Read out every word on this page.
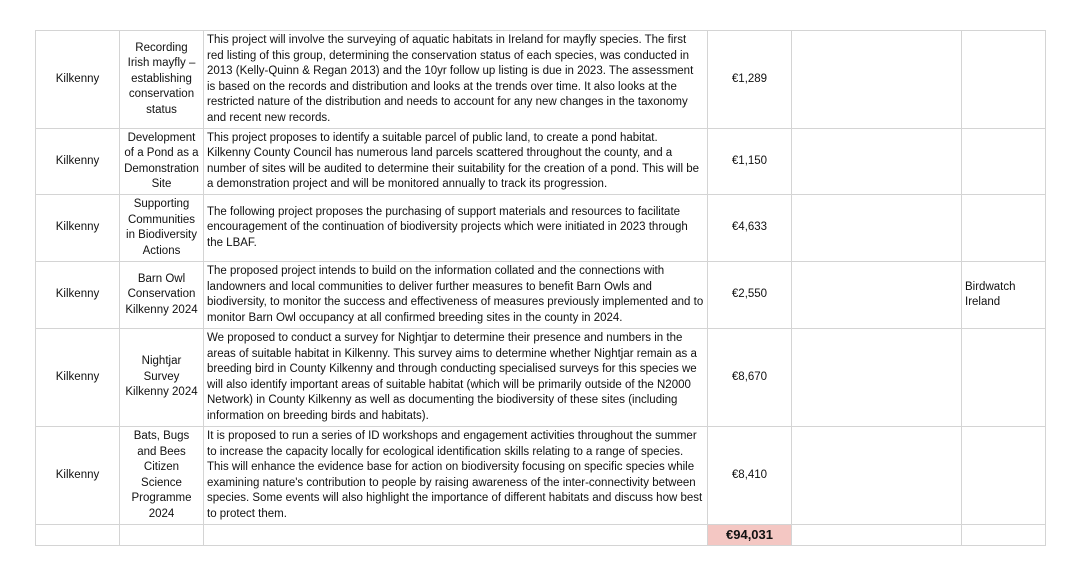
Kilkenny	Recording Irish mayfly – establishing conservation status	This project will involve the surveying of aquatic habitats in Ireland for mayfly species. The first red listing of this group, determining the conservation status of each species, was conducted in 2013 (Kelly-Quinn & Regan 2013) and the 10yr follow up listing is due in 2023. The assessment is based on the records and distribution and looks at the trends over time. It also looks at the restricted nature of the distribution and needs to account for any new changes in the taxonomy and recent new records.	€1,289		
Kilkenny	Development of a Pond as a Demonstration Site	This project proposes to identify a suitable parcel of public land, to create a pond habitat. Kilkenny County Council has numerous land parcels scattered throughout the county, and a number of sites will be audited to determine their suitability for the creation of a pond. This will be a demonstration project and will be monitored annually to track its progression.	€1,150		
Kilkenny	Supporting Communities in Biodiversity Actions	The following project proposes the purchasing of support materials and resources to facilitate encouragement of the continuation of biodiversity projects which were initiated in 2023 through the LBAF.	€4,633		
Kilkenny	Barn Owl Conservation Kilkenny 2024	The proposed project intends to build on the information collated and the connections with landowners and local communities to deliver further measures to benefit Barn Owls and biodiversity, to monitor the success and effectiveness of measures previously implemented and to monitor Barn Owl occupancy at all confirmed breeding sites in the county in 2024.	€2,550		Birdwatch Ireland
Kilkenny	Nightjar Survey Kilkenny 2024	We proposed to conduct a survey for Nightjar to determine their presence and numbers in the areas of suitable habitat in Kilkenny. This survey aims to determine whether Nightjar remain as a breeding bird in County Kilkenny and through conducting specialised surveys for this species we will also identify important areas of suitable habitat (which will be primarily outside of the N2000 Network) in County Kilkenny as well as documenting the biodiversity of these sites (including information on breeding birds and habitats).	€8,670		
Kilkenny	Bats, Bugs and Bees Citizen Science Programme 2024	It is proposed to run a series of ID workshops and engagement activities throughout the summer to increase the capacity locally for ecological identification skills relating to a range of species. This will enhance the evidence base for action on biodiversity focusing on specific species while examining nature's contribution to people by raising awareness of the inter-connectivity between species. Some events will also highlight the importance of different habitats and discuss how best to protect them.	€8,410		
			€94,031		
